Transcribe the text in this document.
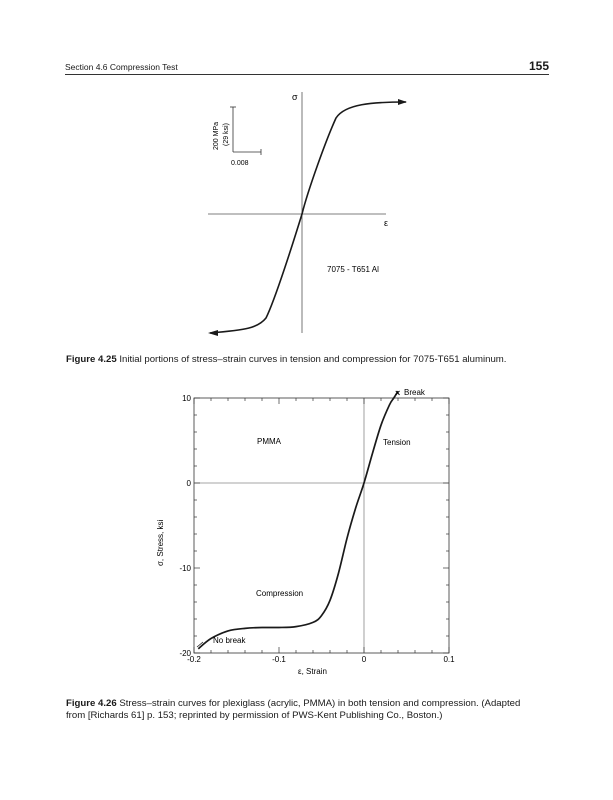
Section 4.6 Compression Test	155
σ
ε
200 MPa (29 ksi)
0.008
7075 - T651 Al
Figure 4.25 Initial portions of stress–strain curves in tension and compression for 7075-T651 aluminum.
-0.2	-0.1	0	0.1
10
0
-10
-20
ε, Strain
σ, Stress, ksi
PMMA	Tension
Compression
× Break
No break
Figure 4.26 Stress–strain curves for plexiglass (acrylic, PMMA) in both tension and compression. (Adapted from [Richards 61] p. 153; reprinted by permission of PWS-Kent Publishing Co., Boston.)
